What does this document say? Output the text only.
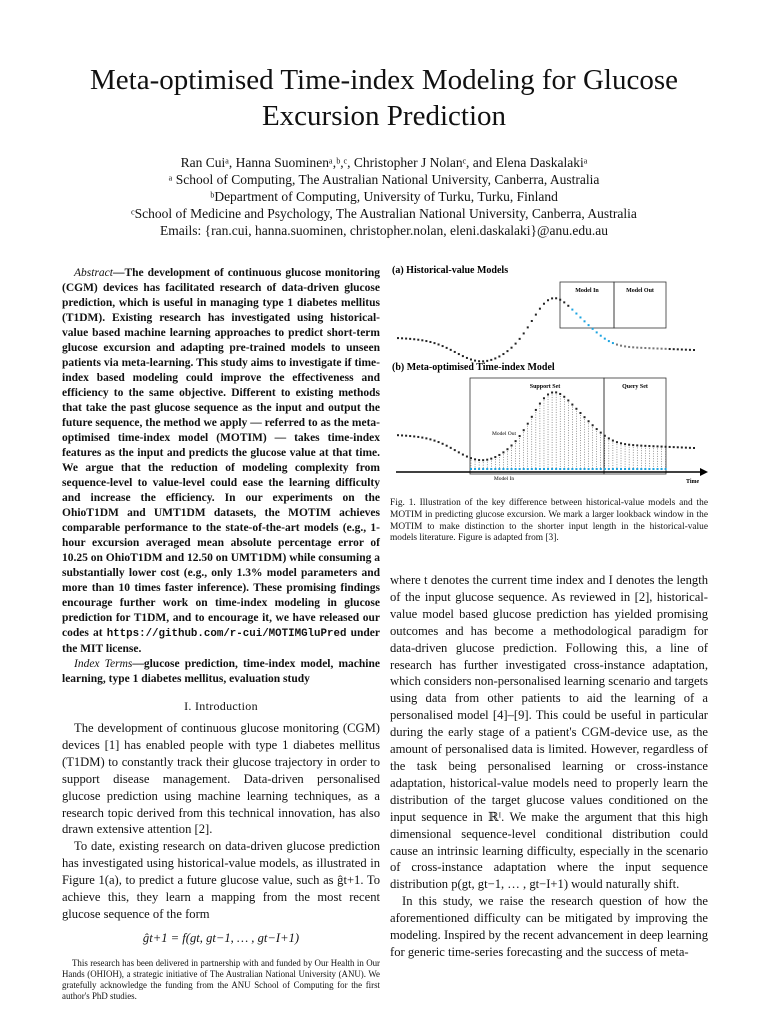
Meta-optimised Time-index Modeling for Glucose Excursion Prediction
Ran Cuiᵃ, Hanna Suominenᵃ,ᵇ,ᶜ, Christopher J Nolanᶜ, and Elena Daskalakiᵃ
ᵃ School of Computing, The Australian National University, Canberra, Australia
ᵇDepartment of Computing, University of Turku, Turku, Finland
ᶜSchool of Medicine and Psychology, The Australian National University, Canberra, Australia
Emails: {ran.cui, hanna.suominen, christopher.nolan, eleni.daskalaki}@anu.edu.au

Abstract—The development of continuous glucose monitoring (CGM) devices has facilitated research of data-driven glucose prediction, which is useful in managing type 1 diabetes mellitus (T1DM). Existing research has investigated using historical-value based machine learning approaches to predict short-term glucose excursion and adapting pre-trained models to unseen patients via meta-learning. This study aims to investigate if time-index based modeling could improve the effectiveness and efficiency to the same objective. Different to existing methods that take the past glucose sequence as the input and output the future sequence, the method we apply — referred to as the meta-optimised time-index model (MOTIM) — takes time-index features as the input and predicts the glucose value at that time. We argue that the reduction of modeling complexity from sequence-level to value-level could ease the learning difficulty and increase the efficiency. In our experiments on the OhioT1DM and UMT1DM datasets, the MOTIM achieves comparable performance to the state-of-the-art models (e.g., 1-hour excursion averaged mean absolute percentage error of 10.25 on OhioT1DM and 12.50 on UMT1DM) while consuming a substantially lower cost (e.g., only 1.3% model parameters and more than 10 times faster inference). These promising findings encourage further work on time-index modeling in glucose prediction for T1DM, and to encourage it, we have released our codes at https://github.com/r-cui/MOTIMGluPred under the MIT license.

Index Terms—glucose prediction, time-index model, machine learning, type 1 diabetes mellitus, evaluation study

I. Introduction

The development of continuous glucose monitoring (CGM) devices [1] has enabled people with type 1 diabetes mellitus (T1DM) to constantly track their glucose trajectory in order to support disease management. Data-driven personalised glucose prediction using machine learning techniques, as a research topic derived from this technical innovation, has also drawn extensive attention [2].

To date, existing research on data-driven glucose prediction has investigated using historical-value models, as illustrated in Figure 1(a), to predict a future glucose value, such as ĝt+1. To achieve this, they learn a mapping from the most recent glucose sequence of the form

ĝt+1 = f(gt, gt−1, … , gt−I+1)

This research has been delivered in partnership with and funded by Our Health in Our Hands (OHIOH), a strategic initiative of The Australian National University (ANU). We gratefully acknowledge the funding from the ANU School of Computing for the first author's PhD studies.

(a) Historical-value Models
Model In	Model Out
(b) Meta-optimised Time-index Model
Support Set	Query Set
Model Out
Model In	Time
Fig. 1. Illustration of the key difference between historical-value models and the MOTIM in predicting glucose excursion. We mark a larger lookback window in the MOTIM to make distinction to the shorter input length in the historical-value models literature. Figure is adapted from [3].

where t denotes the current time index and I denotes the length of the input glucose sequence. As reviewed in [2], historical-value model based glucose prediction has yielded promising outcomes and has become a methodological paradigm for data-driven glucose prediction. Following this, a line of research has further investigated cross-instance adaptation, which considers non-personalised learning scenario and targets using data from other patients to aid the learning of a personalised model [4]–[9]. This could be useful in particular during the early stage of a patient's CGM-device use, as the amount of personalised data is limited. However, regardless of the task being personalised learning or cross-instance adaptation, historical-value models need to properly learn the distribution of the target glucose values conditioned on the input sequence in ℝᴵ. We make the argument that this high dimensional sequence-level conditional distribution could cause an intrinsic learning difficulty, especially in the scenario of cross-instance adaptation where the input sequence distribution p(gt, gt−1, … , gt−I+1) would naturally shift.

In this study, we raise the research question of how the aforementioned difficulty can be mitigated by improving the modeling. Inspired by the recent advancement in deep learning for generic time-series forecasting and the success of meta-
